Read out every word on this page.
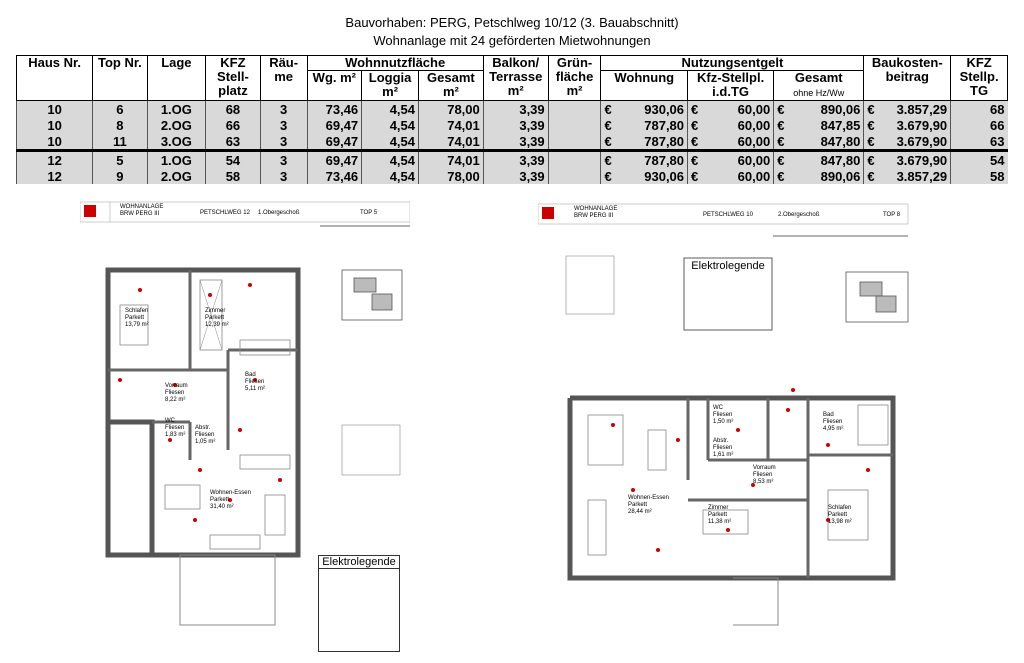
Bauvorhaben: PERG, Petschlweg 10/12 (3. Bauabschnitt)
Wohnanlage mit 24 geförderten Mietwohnungen
Haus Nr.	Top Nr.	Lage	KFZ Stell- platz	Räu- me	Wohnnutzfläche			Balkon/ Terrasse m²	Grün- fläche m²	Nutzungsentgelt			Baukosten- beitrag	KFZ Stellp. TG
					Wg. m²	Loggia m²	Gesamt m²			Wohnung	Kfz-Stellpl. i.d.TG	Gesamt
ohne Hz/Ww		
10	6	1.OG	68	3	73,46	4,54	78,00	3,39		€ 930,06	€ 60,00	€ 890,06	€ 3.857,29	68
10	8	2.OG	66	3	69,47	4,54	74,01	3,39		€ 787,80	€ 60,00	€ 847,85	€ 3.679,90	66
10	11	3.OG	63	3	69,47	4,54	74,01	3,39		€ 787,80	€ 60,00	€ 847,80	€ 3.679,90	63
12	5	1.OG	54	3	69,47	4,54	74,01	3,39		€ 787,80	€ 60,00	€ 847,80	€ 3.679,90	54
12	9	2.OG	58	3	73,46	4,54	78,00	3,39		€ 930,06	€ 60,00	€ 890,06	€ 3.857,29	58
WOHNANLAGE
BRW PERG III	PETSCHLWEG 12 1.Obergeschoß	TOP 5
Schlafen
Parkett
13,79 m²
Zimmer
Parkett
12,39 m²
Vorraum
Fliesen
8,22 m²
Bad
Fliesen
5,11 m²
WC
Fliesen
1,83 m²
Abstr.
Fliesen
1,05 m²
Wohnen-Essen
Parkett
31,40 m²
Elektrolegende
WOHNANLAGE
BRW PERG III	PETSCHLWEG 10	2.Obergeschoß	TOP 8
Elektrolegende
WC
Fliesen
1,50 m²
Bad
Fliesen
4,95 m²
Abstr.
Fliesen
1,61 m²
Vorraum
Fliesen
8,53 m²
Wohnen-Essen
Parkett
28,44 m²
Zimmer
Parkett
11,38 m²
Schlafen
Parkett
13,98 m²
